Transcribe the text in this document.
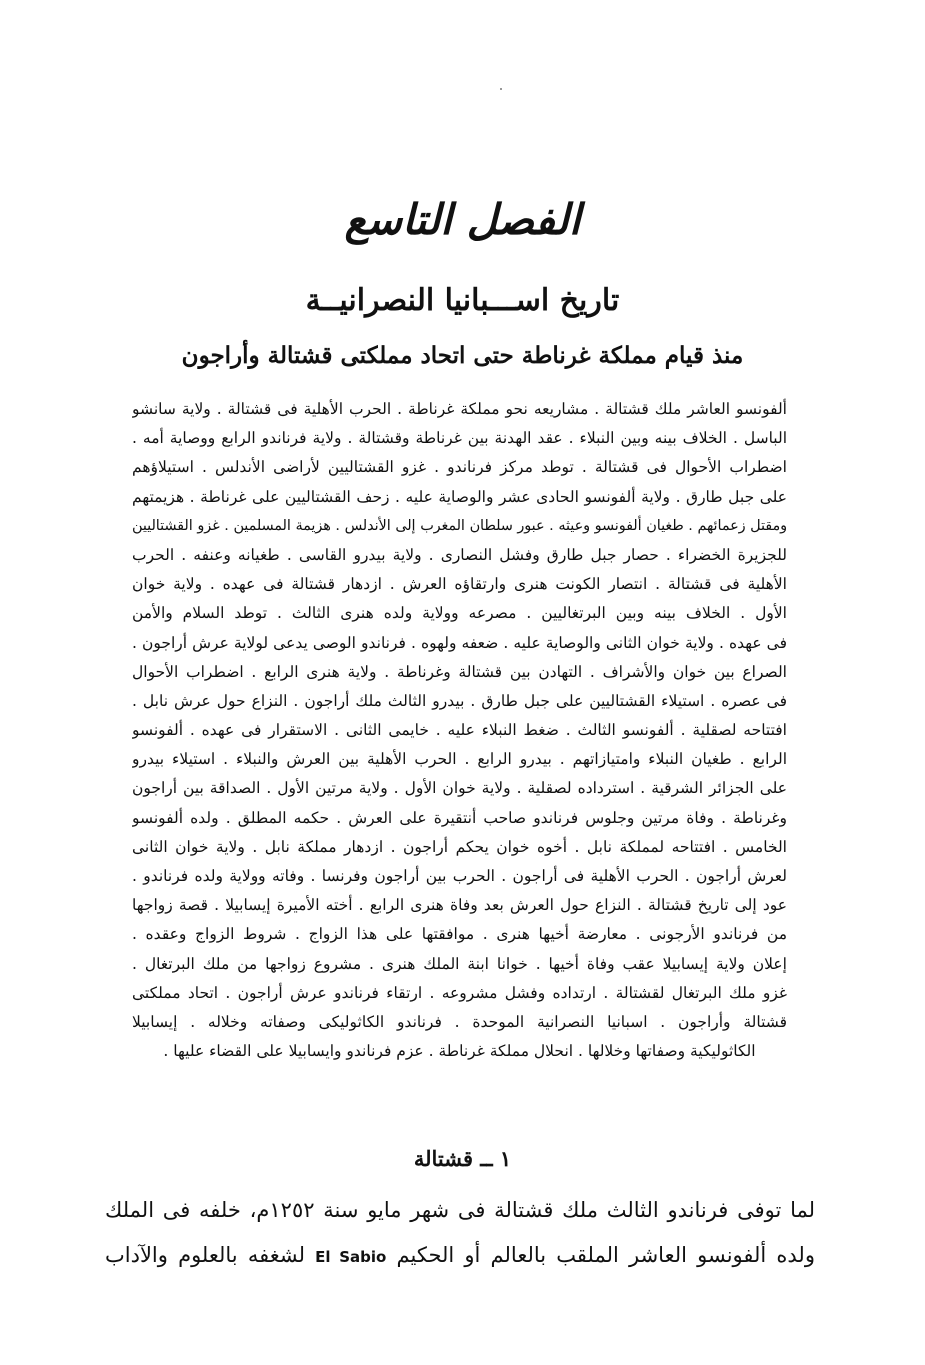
الفصل التاسع
تاريخ اســـبانيا النصرانيــة
منذ قيام مملكة غرناطة حتى اتحاد مملكتى قشتالة وأراجون
ألفونسو العاشر ملك قشتالة . مشاريعه نحو مملكة غرناطة . الحرب الأهلية فى قشتالة . ولاية سانشو
الباسل . الخلاف بينه وبين النبلاء . عقد الهدنة بين غرناطة وقشتالة . ولاية فرناندو الرابع ووصاية أمه .
اضطراب الأحوال فى قشتالة . توطد مركز فرناندو . غزو القشتاليين لأراضى الأندلس . استيلاؤهم
على جبل طارق . ولاية ألفونسو الحادى عشر والوصاية عليه . زحف القشتاليين على غرناطة . هزيمتهم
ومقتل زعمائهم . طغيان ألفونسو وعيثه . عبور سلطان المغرب إلى الأندلس . هزيمة المسلمين . غزو القشتاليين
للجزيرة الخضراء . حصار جبل طارق وفشل النصارى . ولاية بيدرو القاسى . طغيانه وعنفه . الحرب
الأهلية فى قشتالة . انتصار الكونت هنرى وارتقاؤه العرش . ازدهار قشتالة فى عهده . ولاية خوان
الأول . الخلاف بينه وبين البرتغاليين . مصرعه وولاية ولده هنرى الثالث . توطد السلام والأمن
فى عهده . ولاية خوان الثانى والوصاية عليه . ضعفه ولهوه . فرناندو الوصى يدعى لولاية عرش أراجون .
الصراع بين خوان والأشراف . التهادن بين قشتالة وغرناطة . ولاية هنرى الرابع . اضطراب الأحوال
فى عصره . استيلاء القشتاليين على جبل طارق . بيدرو الثالث ملك أراجون . النزاع حول عرش نابل .
افتتاحه لصقلية . ألفونسو الثالث . ضغط النبلاء عليه . خايمى الثانى . الاستقرار فى عهده . ألفونسو
الرابع . طغيان النبلاء وامتيازاتهم . بيدرو الرابع . الحرب الأهلية بين العرش والنبلاء . استيلاء بيدرو
على الجزائر الشرقية . استرداده لصقلية . ولاية خوان الأول . ولاية مرتين الأول . الصداقة بين أراجون
وغرناطة . وفاة مرتين وجلوس فرناندو صاحب أنتقيرة على العرش . حكمه المطلق . ولده ألفونسو
الخامس . افتتاحه لمملكة نابل . أخوه خوان يحكم أراجون . ازدهار مملكة نابل . ولاية خوان الثانى
لعرش أراجون . الحرب الأهلية فى أراجون . الحرب بين أراجون وفرنسا . وفاته وولاية ولده فرناندو .
عود إلى تاريخ قشتالة . النزاع حول العرش بعد وفاة هنرى الرابع . أخته الأميرة إيسابيلا . قصة زواجها
من فرناندو الأرجونى . معارضة أخيها هنرى . موافقتها على هذا الزواج . شروط الزواج وعقده .
إعلان ولاية إيسابيلا عقب وفاة أخيها . خوانا ابنة الملك هنرى . مشروع زواجها من ملك البرتغال .
غزو ملك البرتغال لقشتالة . ارتداده وفشل مشروعه . ارتقاء فرناندو عرش أراجون . اتحاد مملكتى
قشتالة وأراجون . اسبانيا النصرانية الموحدة . فرناندو الكاثوليكى وصفاته وخلاله . إيسابيلا
الكاثوليكية وصفاتها وخلالها . انحلال مملكة غرناطة . عزم فرناندو وايسابيلا على القضاء عليها .
١ ــ قشتالة
لما توفى فرناندو الثالث ملك قشتالة فى شهر مايو سنة ١٢٥٢م، خلفه فى الملك
ولده ألفونسو العاشر الملقب بالعالم أو الحكيم El Sabio لشغفه بالعلوم والآداب
